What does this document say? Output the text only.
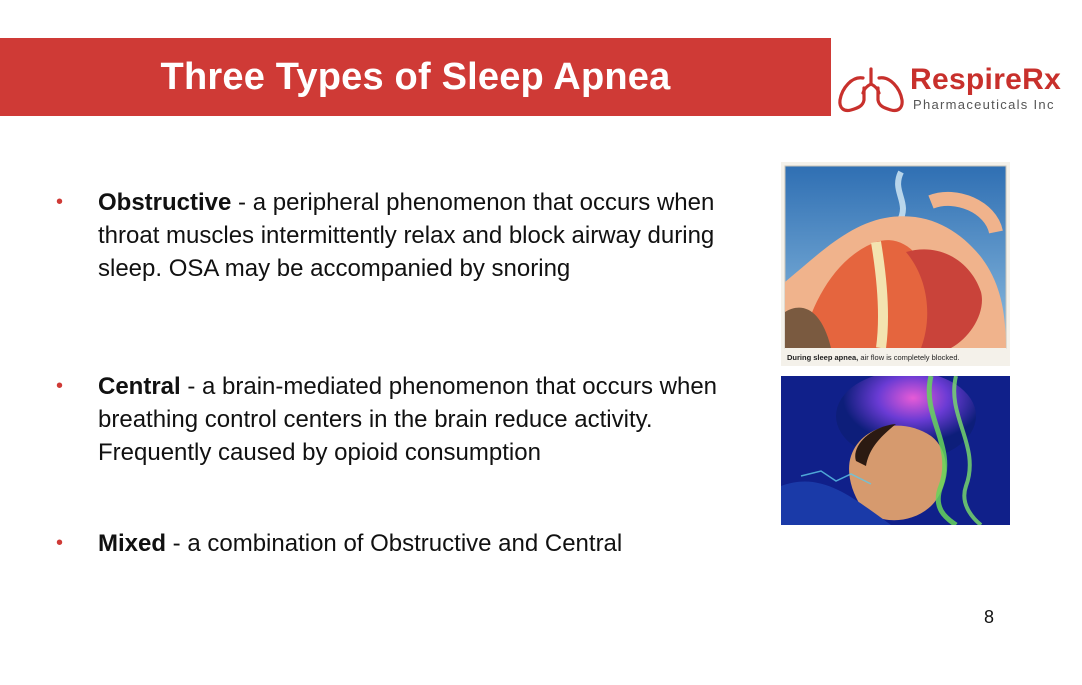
Three Types of Sleep Apnea	RespireRx
Pharmaceuticals Inc
• Obstructive - a peripheral phenomenon that occurs when throat muscles intermittently relax and block airway during sleep. OSA may be accompanied by snoring
• Central - a brain-mediated phenomenon that occurs when breathing control centers in the brain reduce activity. Frequently caused by opioid consumption
• Mixed - a combination of Obstructive and Central
During sleep apnea, air flow is completely blocked.
8
